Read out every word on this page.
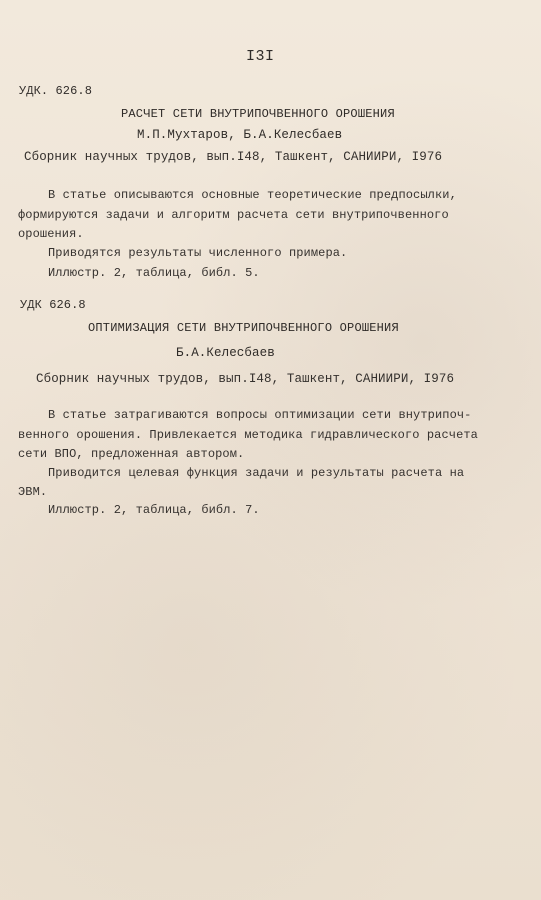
I3I
УДК. 626.8
РАСЧЕТ СЕТИ ВНУТРИПОЧВЕННОГО ОРОШЕНИЯ
М.П.Мухтаров, Б.А.Келесбаев
Сборник научных трудов, вып.I48, Ташкент, САНИИРИ, I976
В статье описываются основные теоретические предпосылки,
формируются задачи и алгоритм расчета сети внутрипочвенного
орошения.
Приводятся результаты численного примера.
Иллюстр. 2, таблица, библ. 5.
УДК 626.8
ОПТИМИЗАЦИЯ СЕТИ ВНУТРИПОЧВЕННОГО ОРОШЕНИЯ
Б.А.Келесбаев
Сборник научных трудов, вып.I48, Ташкент, САНИИРИ, I976
В статье затрагиваются вопросы оптимизации сети внутрипоч-
венного орошения. Привлекается методика гидравлического расчета
сети ВПО, предложенная автором.
Приводится целевая функция задачи и результаты расчета на
ЭВМ.
Иллюстр. 2, таблица, библ. 7.
